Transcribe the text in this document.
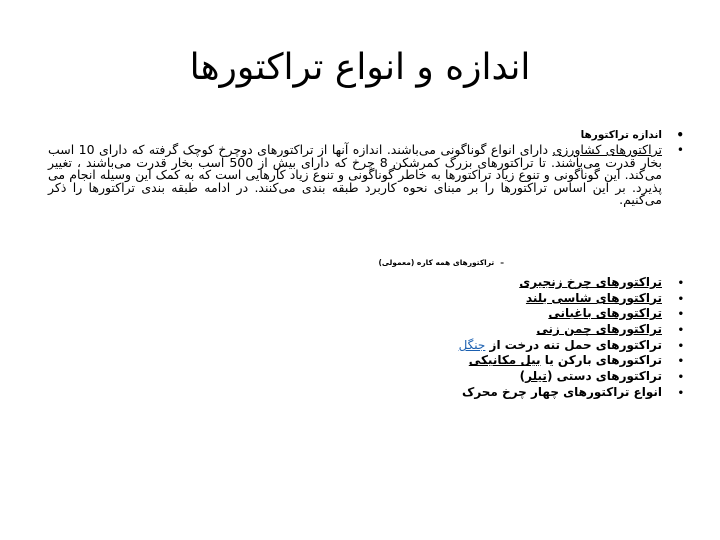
اندازه و انواع تراکتورها
• اندازه تراکتورها
• تراکتورهای کشاورزی دارای انواع گوناگونی می‌باشند. اندازه آنها از تراکتورهای دوچرخ کوچک گرفته که دارای 10 اسب بخار قدرت می‌باشند. تا تراکتورهای بزرگ کمرشکن 8 چرخ که دارای بیش از 500 اسب بخار قدرت می‌باشند ، تغییر می‌کند. این گوناگونی و تنوع زیاد تراکتورها به خاطر گوناگونی و تنوع زیاد کارهایی است که به کمک این وسیله انجام می پذیرد. بر این اساس تراکتورها را بر مبنای نحوه کاربرد طبقه بندی می‌کنند. در ادامه طبقه بندی تراکتورها را ذکر می‌کنیم.
–تراکتورهای همه کاره (معمولی)
• تراکتورهای چرخ زنجیری
• تراکتورهای شاسی بلند
• تراکتورهای باغبانی
• تراکتورهای چمن زنی
• تراکتورهای حمل تنه درخت از جنگل
• تراکتورهای بارکن یا بیل مکانیکی
• تراکتورهای دستی (تیلر)
• انواع تراکتورهای چهار چرخ محرک
